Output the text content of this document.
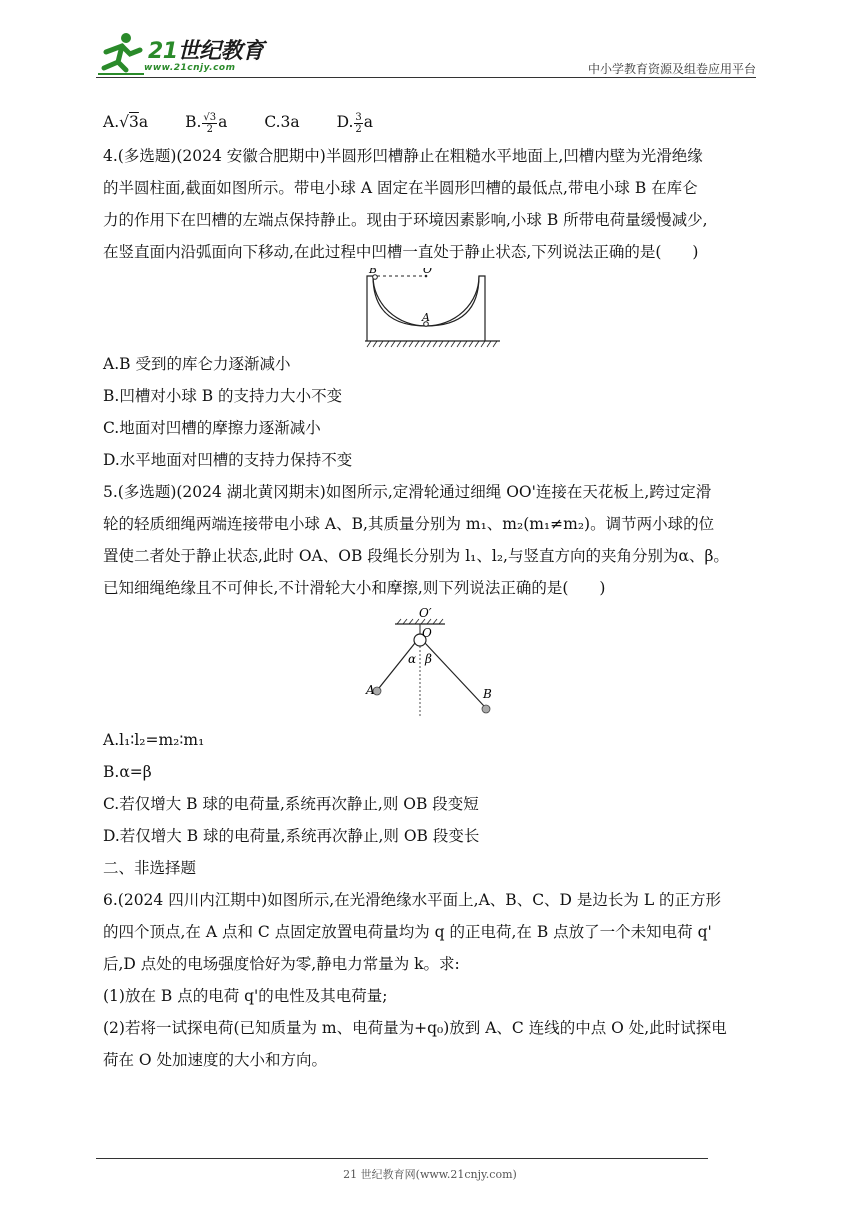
21世纪教育
www.21cnjy.com	中小学教育资源及组卷应用平台
A.√3a B. $\frac{√3}{2}$ a C.3a D. $\frac{3}{2}$ a
4.(多选题)(2024 安徽合肥期中)半圆形凹槽静止在粗糙水平地面上,凹槽内壁为光滑绝缘
的半圆柱面,截面如图所示。带电小球 A 固定在半圆形凹槽的最低点,带电小球 B 在库仑
力的作用下在凹槽的左端点保持静止。现由于环境因素影响,小球 B 所带电荷量缓慢减少,
在竖直面内沿弧面向下移动,在此过程中凹槽一直处于静止状态,下列说法正确的是(　　)
B	O
A
A.B 受到的库仑力逐渐减小
B.凹槽对小球 B 的支持力大小不变
C.地面对凹槽的摩擦力逐渐减小
D.水平地面对凹槽的支持力保持不变
5.(多选题)(2024 湖北黄冈期末)如图所示,定滑轮通过细绳 OO'连接在天花板上,跨过定滑
轮的轻质细绳两端连接带电小球 A、B,其质量分别为 m₁、m₂(m₁≠m₂)。调节两小球的位
置使二者处于静止状态,此时 OA、OB 段绳长分别为 l₁、l₂,与竖直方向的夹角分别为α、β。
已知细绳绝缘且不可伸长,不计滑轮大小和摩擦,则下列说法正确的是(　　)
O′
O
α β
A	B
A.l₁∶l₂=m₂∶m₁
B.α=β
C.若仅增大 B 球的电荷量,系统再次静止,则 OB 段变短
D.若仅增大 B 球的电荷量,系统再次静止,则 OB 段变长
二、非选择题
6.(2024 四川内江期中)如图所示,在光滑绝缘水平面上,A、B、C、D 是边长为 L 的正方形
的四个顶点,在 A 点和 C 点固定放置电荷量均为 q 的正电荷,在 B 点放了一个未知电荷 q'
后,D 点处的电场强度恰好为零,静电力常量为 k。求:
(1)放在 B 点的电荷 q'的电性及其电荷量;
(2)若将一试探电荷(已知质量为 m、电荷量为+q₀)放到 A、C 连线的中点 O 处,此时试探电
荷在 O 处加速度的大小和方向。
21 世纪教育网(www.21cnjy.com)
